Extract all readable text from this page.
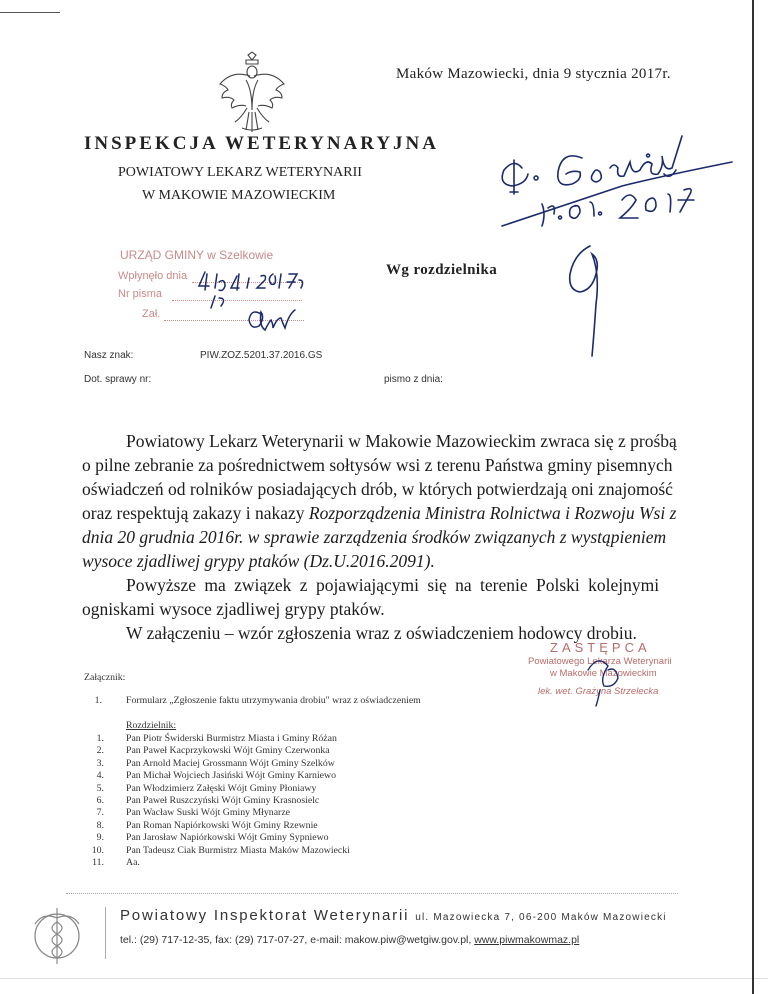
Maków Mazowiecki, dnia 9 stycznia 2017r.
INSPEKCJA WETERYNARYJNA
POWIATOWY LEKARZ WETERYNARII
W MAKOWIE MAZOWIECKIM
URZĄD GMINY w Szelkowie
Wpłynęło dnia
Nr pisma
Zał.
Wg rozdzielnika
Nasz znak:	PIW.ZOZ.5201.37.2016.GS
Dot. sprawy nr:	pismo z dnia:
Powiatowy Lekarz Weterynarii w Makowie Mazowieckim zwraca się z prośbą
o pilne zebranie za pośrednictwem sołtysów wsi z terenu Państwa gminy pisemnych
oświadczeń od rolników posiadających drób, w których potwierdzają oni znajomość
oraz respektują zakazy i nakazy Rozporządzenia Ministra Rolnictwa i Rozwoju Wsi z
dnia 20 grudnia 2016r. w sprawie zarządzenia środków związanych z wystąpieniem
wysoce zjadliwej grypy ptaków (Dz.U.2016.2091).
Powyższe ma związek z pojawiającymi się na terenie Polski kolejnymi
ogniskami wysoce zjadliwej grypy ptaków.
W załączeniu – wzór zgłoszenia wraz z oświadczeniem hodowcy drobiu.
ZASTĘPCA
Powiatowego Lekarza Weterynarii
w Makowie Mazowieckim
lek. wet. Grażyna Strzelecka
Załącznik:
1. Formularz „Zgłoszenie faktu utrzymywania drobiu" wraz z oświadczeniem
Rozdzielnik:
1. Pan Piotr Świderski Burmistrz Miasta i Gminy Różan
2. Pan Paweł Kacprzykowski Wójt Gminy Czerwonka
3. Pan Arnold Maciej Grossmann Wójt Gminy Szelków
4. Pan Michał Wojciech Jasiński Wójt Gminy Karniewo
5. Pan Włodzimierz Załęski Wójt Gminy Płoniawy
6. Pan Paweł Ruszczyński Wójt Gminy Krasnosielc
7. Pan Wacław Suski Wójt Gminy Młynarze
8. Pan Roman Napiórkowski Wójt Gminy Rzewnie
9. Pan Jarosław Napiórkowski Wójt Gminy Sypniewo
10. Pan Tadeusz Ciak Burmistrz Miasta Maków Mazowiecki
11. Aa.
Powiatowy Inspektorat Weterynarii ul. Mazowiecka 7, 06-200 Maków Mazowiecki
tel.: (29) 717-12-35, fax: (29) 717-07-27, e-mail: makow.piw@wetgiw.gov.pl, www.piwmakowmaz.pl
